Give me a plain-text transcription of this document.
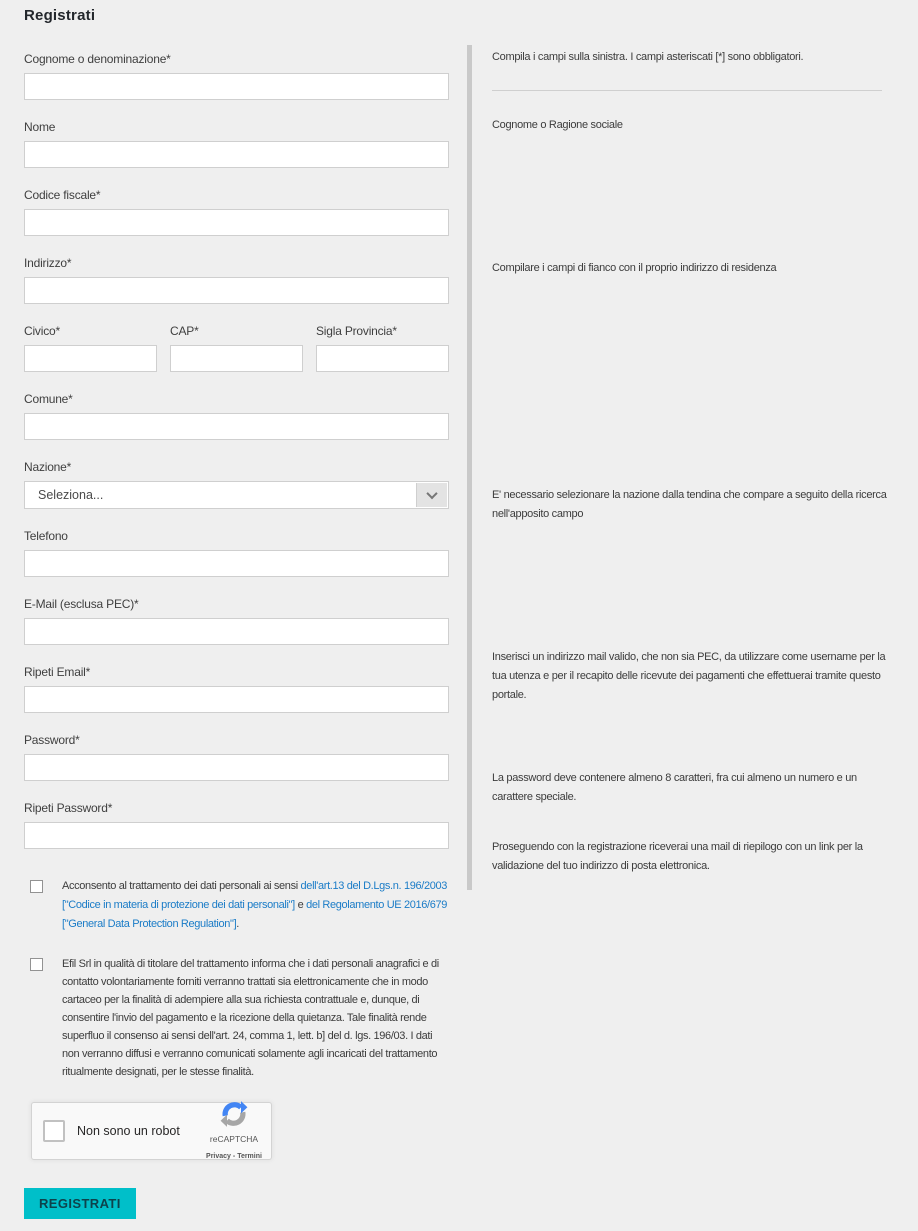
Registrati
Cognome o denominazione*
Nome
Codice fiscale*
Indirizzo*
Civico*	CAP*	Sigla Provincia*
Comune*
Nazione*
Seleziona...
Telefono
E-Mail (esclusa PEC)*
Ripeti Email*
Password*
Ripeti Password*
Acconsento al trattamento dei dati personali ai sensi dell'art.13 del D.Lgs.n. 196/2003 ["Codice in materia di protezione dei dati personali"] e del Regolamento UE 2016/679 ["General Data Protection Regulation"].
Efil Srl in qualità di titolare del trattamento informa che i dati personali anagrafici e di contatto volontariamente forniti verranno trattati sia elettronicamente che in modo cartaceo per la finalità di adempiere alla sua richiesta contrattuale e, dunque, di consentire l'invio del pagamento e la ricezione della quietanza. Tale finalità rende superfluo il consenso ai sensi dell'art. 24, comma 1, lett. b] del d. lgs. 196/03. I dati non verranno diffusi e verranno comunicati solamente agli incaricati del trattamento ritualmente designati, per le stesse finalità.
Non sono un robot
reCAPTCHA Privacy - Termini
REGISTRATI
Compila i campi sulla sinistra. I campi asteriscati [*] sono obbligatori.
Cognome o Ragione sociale
Compilare i campi di fianco con il proprio indirizzo di residenza
E' necessario selezionare la nazione dalla tendina che compare a seguito della ricerca nell'apposito campo
Inserisci un indirizzo mail valido, che non sia PEC, da utilizzare come username per la tua utenza e per il recapito delle ricevute dei pagamenti che effettuerai tramite questo portale.
La password deve contenere almeno 8 caratteri, fra cui almeno un numero e un carattere speciale.
Proseguendo con la registrazione riceverai una mail di riepilogo con un link per la validazione del tuo indirizzo di posta elettronica.
